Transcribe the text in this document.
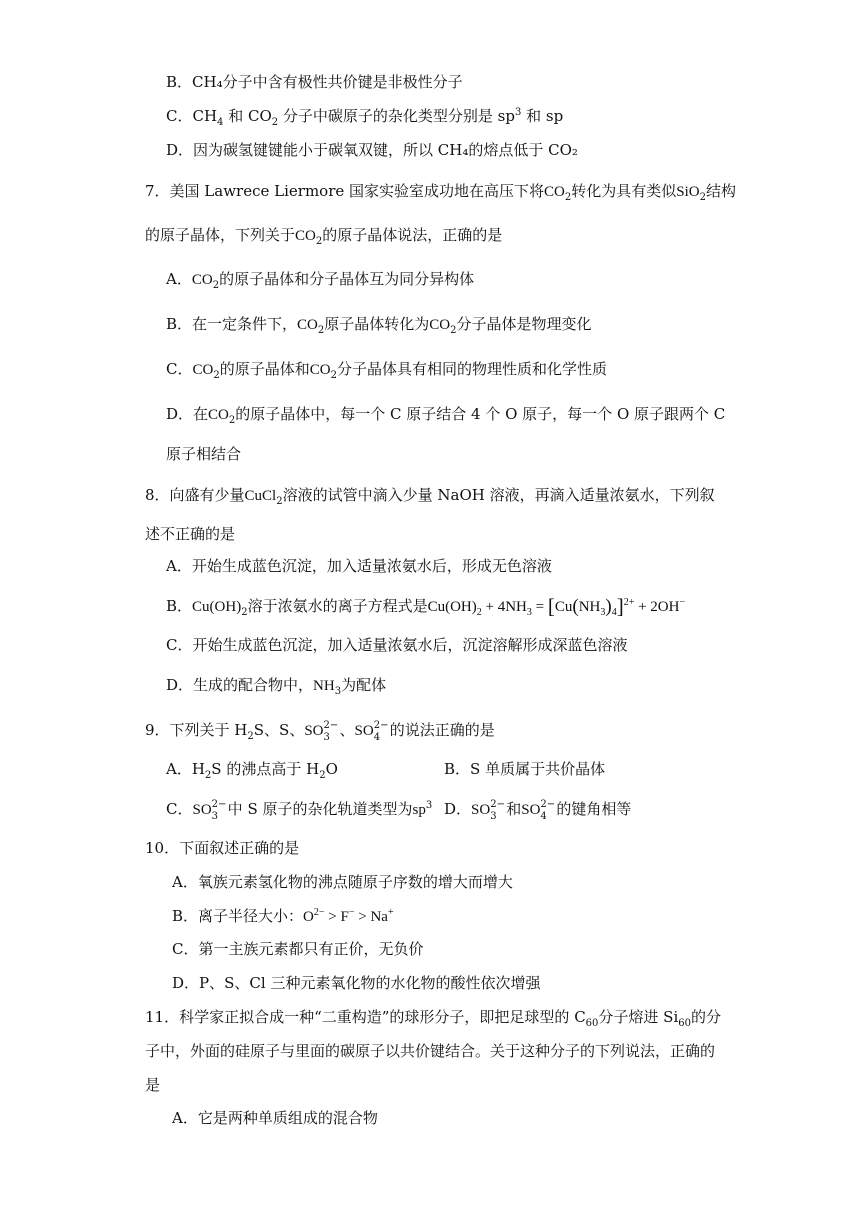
B．CH₄分子中含有极性共价键是非极性分子
C．$CH_4$ 和 $CO_2$ 分子中碳原子的杂化类型分别是 $sp^3$ 和 sp
D．因为碳氢键键能小于碳氧双键，所以 CH₄的熔点低于 CO₂
7．美国 Lawrece Liermore 国家实验室成功地在高压下将$CO_2$转化为具有类似SiO$_2$结构
的原子晶体，下列关于$CO_2$的原子晶体说法，正确的是
A．$CO_2$的原子晶体和分子晶体互为同分异构体
B．在一定条件下，$CO_2$原子晶体转化为$CO_2$分子晶体是物理变化
C．$CO_2$的原子晶体和$CO_2$分子晶体具有相同的物理性质和化学性质
D．在$CO_2$的原子晶体中，每一个 C 原子结合 4 个 O 原子，每一个 O 原子跟两个 C
原子相结合
8．向盛有少量CuCl$_2$溶液的试管中滴入少量 NaOH 溶液，再滴入适量浓氨水，下列叙
述不正确的是
A．开始生成蓝色沉淀，加入适量浓氨水后，形成无色溶液
B．$Cu(OH)_2$溶于浓氨水的离子方程式是$Cu(OH)_2 + 4NH_3 = [Cu(NH_3)_4]^{2+} + 2OH^-$
C．开始生成蓝色沉淀，加入适量浓氨水后，沉淀溶解形成深蓝色溶液
D．生成的配合物中，$NH_3$为配体
9．下列关于 $H_2S$、S、SO 2−
3 、SO 2−
4 的说法正确的是
A．$H_2S$ 的沸点高于 $H_2O$	B．S 单质属于共价晶体
C．SO 2−
3 中 S 原子的杂化轨道类型为$sp^3$ D．SO 2−
3 和SO 2−
4 的键角相等
10．下面叙述正确的是
A．氧族元素氢化物的沸点随原子序数的增大而增大
B．离子半径大小：$O^{2-} > F^- > Na^+$
C．第一主族元素都只有正价，无负价
D．P、S、Cl 三种元素氧化物的水化物的酸性依次增强
11．科学家正拟合成一种“二重构造”的球形分子，即把足球型的 $C_{60}$分子熔进 $Si_{60}$的分
子中，外面的硅原子与里面的碳原子以共价键结合。关于这种分子的下列说法，正确的
是
A．它是两种单质组成的混合物
